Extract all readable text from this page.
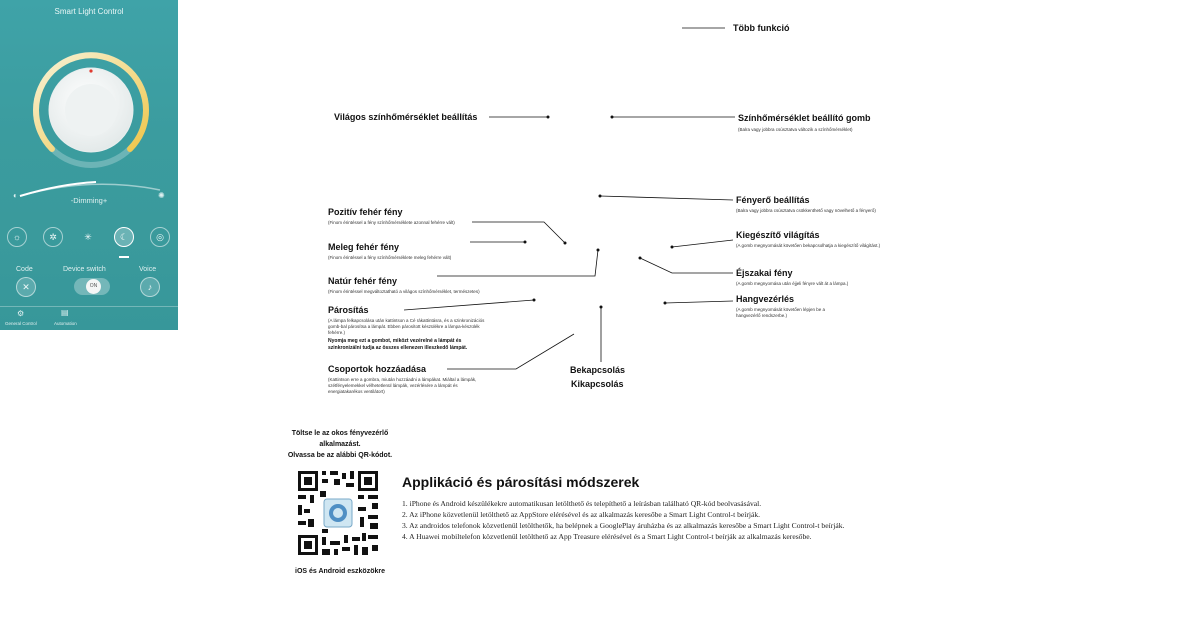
Smart Light Control	+
◐	✺
-Dimming+
☼	✲	✳	☾	◎
Code	Device switch	Voice
✕	ON	♪
⚙
General Control
▤
Automation
Több funkció
Világos színhőmérséklet beállítás	Színhőmérséklet beállító gomb
(Balra vagy jobbra csúsztatva változik a színhőmérséklet)
Fényerő beállítás
(Balra vagy jobbra csúsztatva csökkenthető vagy növelhető a fényerő)
Pozitív fehér fény
(Finom érintéssel a fény színhőmérséklete azonnal fehérre vált)
Meleg fehér fény
(Finom érintéssel a fény színhőmérséklete meleg fehérre vált)
Natúr fehér fény
(Finom érintéssel megváltoztatható a világos színhőmérséklet, természetes)
Kiegészítő világítás
(A gomb megnyomását követően bekapcsolhatja a kiegészítő világítást.)
Éjszakai fény
(A gomb megnyomása után éjjeli fényre vált át a lámpa.)
Hangvezérlés
(A gomb megnyomását követően lépjen be a hangvezérlő rendszerbe.)
Párosítás
(A lámpa felkapcsolása után kattintson a Cé rákattintásra, és a szinkronizációs gomb-bal párosítsa a lámpát. Ebben párosított készülékre a lámpa-készülék fehérre.)
Nyomja meg ezt a gombot, miközt vezérelné a lámpát és szinkronizálni tudja az összes ellenezen illeszkedő lámpát.
Csoportok hozzáadása
(Kattintson erre a gombra, miután hozzáadni a lámpákat. Miáltal a lámpák, szétfényelemekkel vélhetetlenül lámpák, vezérlésére a lámpát és energiatakarékos ventilátort)
Bekapcsolás
Kikapcsolás
Töltse le az okos fényvezérlő
alkalmazást.
Olvassa be az alábbi QR-kódot.
iOS és Android eszközökre
Applikáció és párosítási módszerek
1. iPhone és Android készülékekre automatikusan letölthető és telepíthető a leírásban található QR-kód beolvasásával.
2. Az iPhone közvetlenül letölthető az AppStore elérésével és az alkalmazás keresőbe a Smart Light Control-t beírják.
3. Az androidos telefonok közvetlenül letölthetők, ha belépnek a GooglePlay áruházba és az alkalmazás keresőbe a Smart Light Control-t beírják.
4. A Huawei mobiltelefon közvetlenül letölthető az App Treasure elérésével és a Smart Light Control-t beírják az alkalmazás keresőbe.
